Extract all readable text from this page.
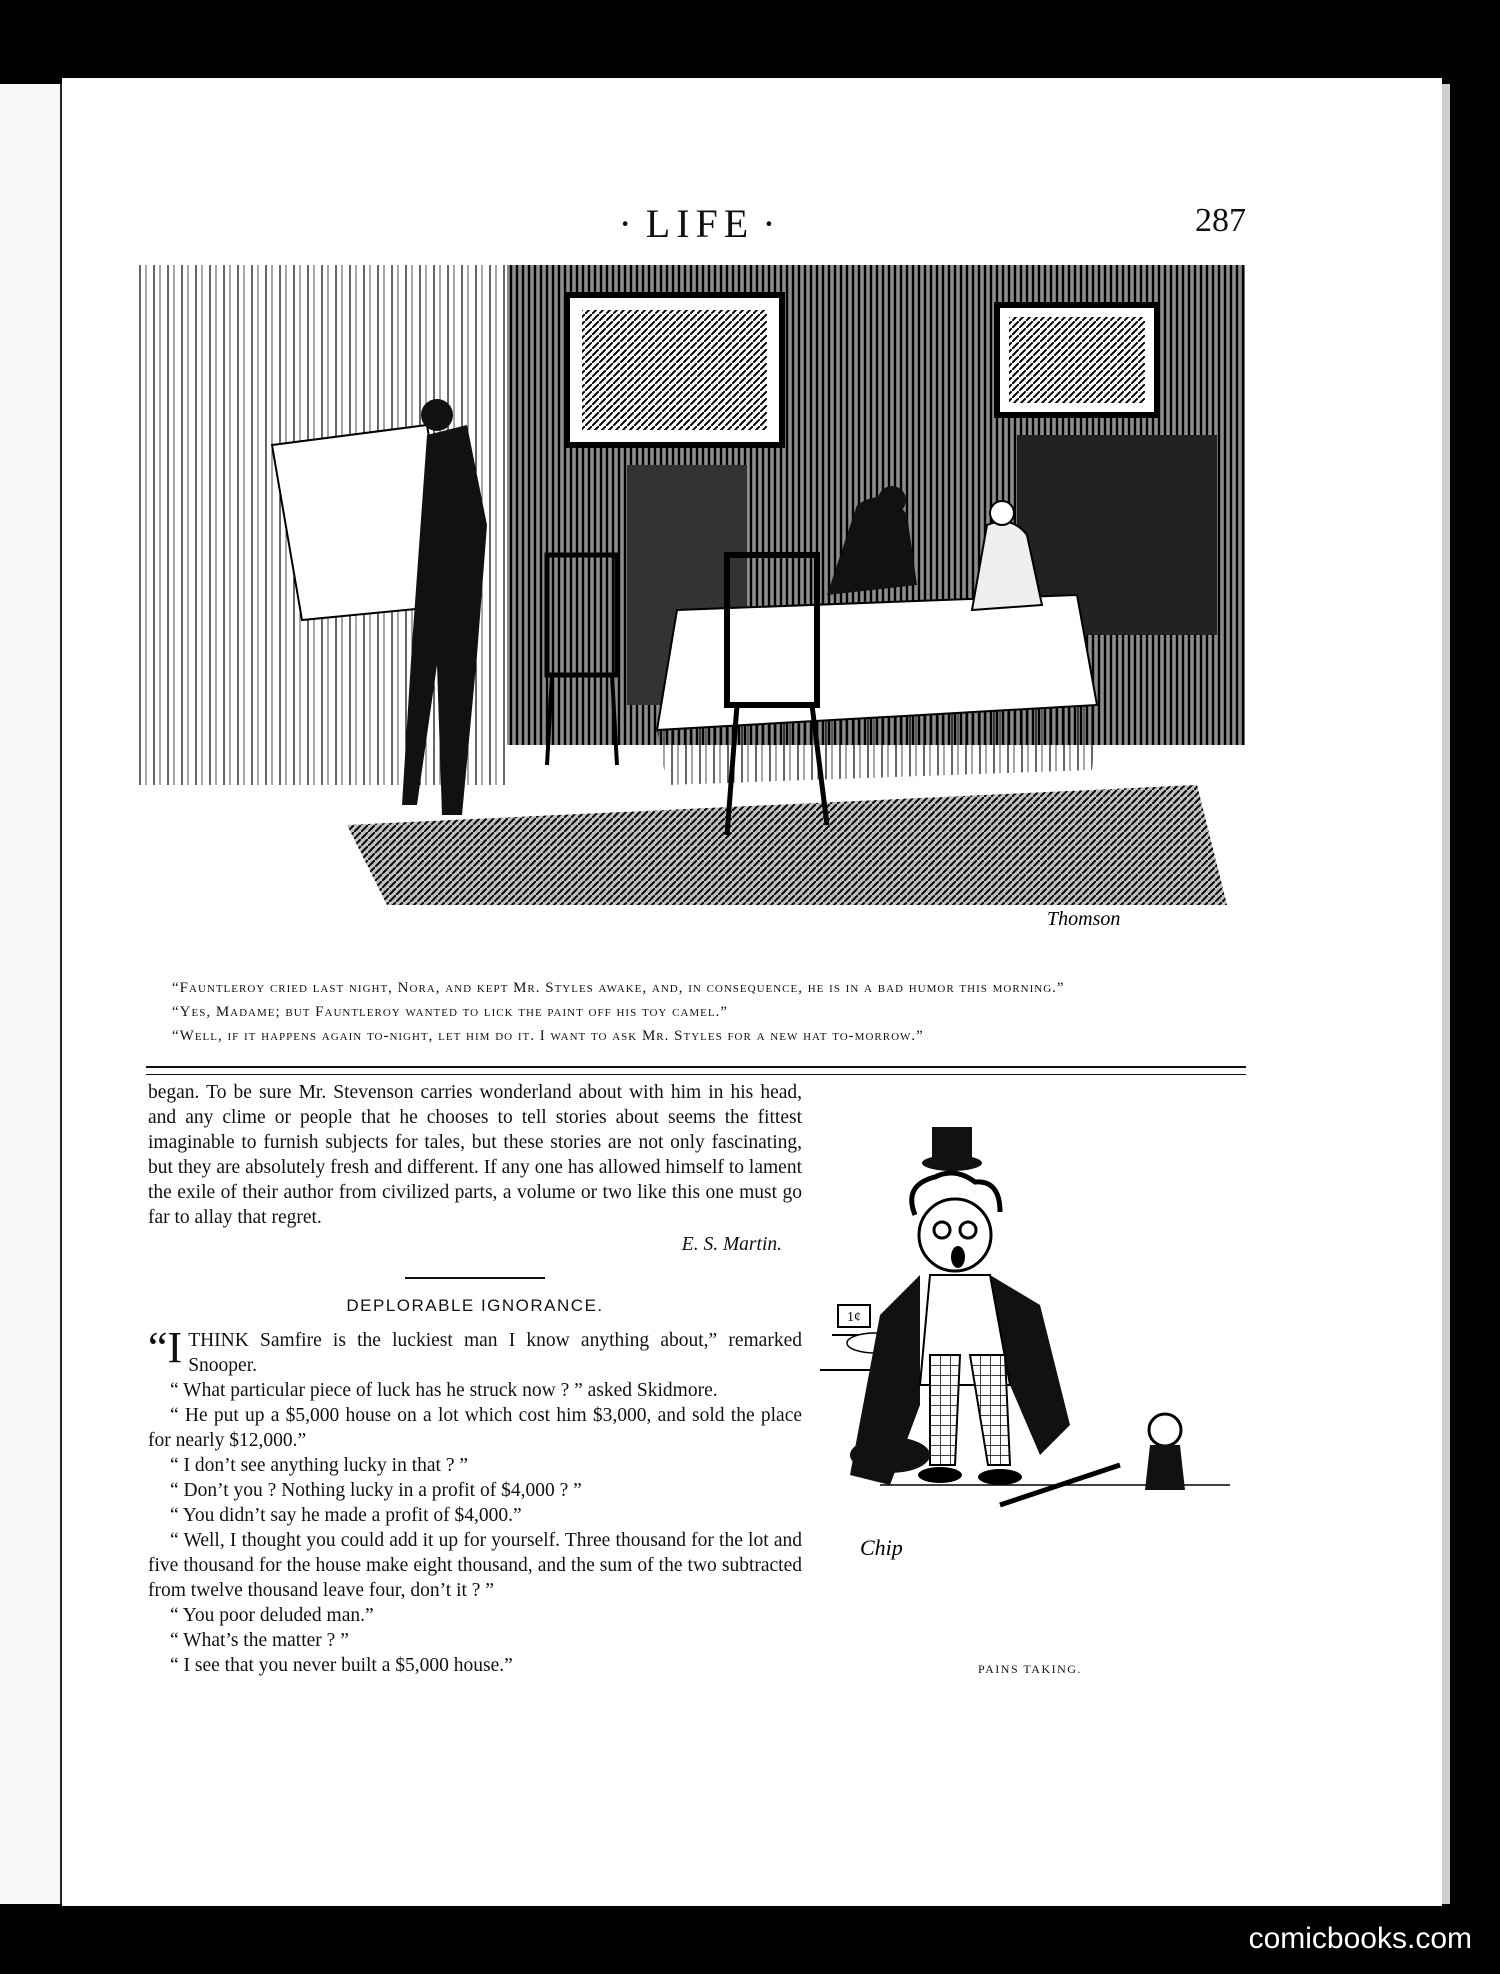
· LIFE ·	287
Thomson

“Fauntleroy cried last night, Nora, and kept Mr. Styles awake, and, in consequence, he is in a bad humor this morning.”

“Yes, Madame; but Fauntleroy wanted to lick the paint off his toy camel.”

“Well, if it happens again to-night, let him do it. I want to ask Mr. Styles for a new hat to-morrow.”

began. To be sure Mr. Stevenson carries wonderland about with him in his head, and any clime or people that he chooses to tell stories about seems the fittest imaginable to furnish subjects for tales, but these stories are not only fascinating, but they are absolutely fresh and different. If any one has allowed himself to lament the exile of their author from civilized parts, a volume or two like this one must go far to allay that regret.

E. S. Martin.
DEPLORABLE IGNORANCE.
“I THINK Samfire is the luckiest man I know anything about,” remarked Snooper.

“ What particular piece of luck has he struck now ? ” asked Skidmore.

“ He put up a $5,000 house on a lot which cost him $3,000, and sold the place for nearly $12,000.”

“ I don’t see anything lucky in that ? ”

“ Don’t you ? Nothing lucky in a profit of $4,000 ? ”

“ You didn’t say he made a profit of $4,000.”

“ Well, I thought you could add it up for yourself. Three thousand for the lot and five thousand for the house make eight thousand, and the sum of the two subtracted from twelve thousand leave four, don’t it ? ”

“ You poor deluded man.”

“ What’s the matter ? ”

“ I see that you never built a $5,000 house.”

1¢
Chip
PAINS TAKING.
comicbooks.com
